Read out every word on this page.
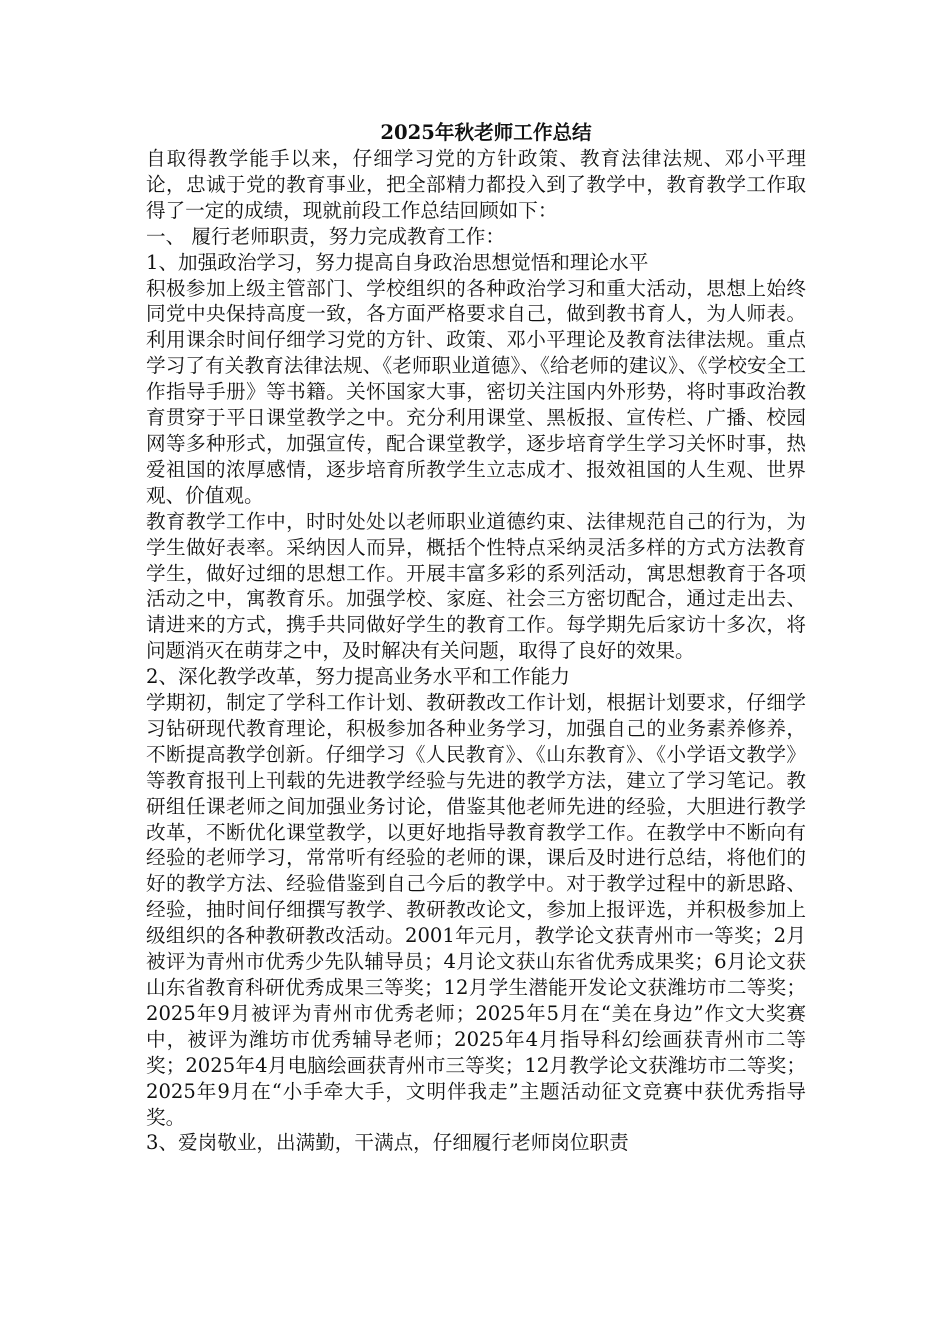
2025年秋老师工作总结

自取得教学能手以来，仔细学习党的方针政策、教育法律法规、邓小平理论，忠诚于党的教育事业，把全部精力都投入到了教学中，教育教学工作取得了一定的成绩，现就前段工作总结回顾如下：

一、 履行老师职责，努力完成教育工作：

1、加强政治学习，努力提高自身政治思想觉悟和理论水平

积极参加上级主管部门、学校组织的各种政治学习和重大活动，思想上始终同党中央保持高度一致，各方面严格要求自己，做到教书育人，为人师表。利用课余时间仔细学习党的方针、政策、邓小平理论及教育法律法规。重点学习了有关教育法律法规、《老师职业道德》、《给老师的建议》、《学校安全工作指导手册》等书籍。关怀国家大事，密切关注国内外形势，将时事政治教育贯穿于平日课堂教学之中。充分利用课堂、黑板报、宣传栏、广播、校园网等多种形式，加强宣传，配合课堂教学，逐步培育学生学习关怀时事，热爱祖国的浓厚感情，逐步培育所教学生立志成才、报效祖国的人生观、世界观、价值观。

教育教学工作中，时时处处以老师职业道德约束、法律规范自己的行为，为学生做好表率。采纳因人而异，概括个性特点采纳灵活多样的方式方法教育学生，做好过细的思想工作。开展丰富多彩的系列活动，寓思想教育于各项活动之中，寓教育乐。加强学校、家庭、社会三方密切配合，通过走出去、请进来的方式，携手共同做好学生的教育工作。每学期先后家访十多次，将问题消灭在萌芽之中，及时解决有关问题，取得了良好的效果。

2、深化教学改革，努力提高业务水平和工作能力

学期初，制定了学科工作计划、教研教改工作计划，根据计划要求，仔细学习钻研现代教育理论，积极参加各种业务学习，加强自己的业务素养修养，不断提高教学创新。仔细学习《人民教育》、《山东教育》、《小学语文教学》等教育报刊上刊载的先进教学经验与先进的教学方法，建立了学习笔记。教研组任课老师之间加强业务讨论，借鉴其他老师先进的经验，大胆进行教学改革，不断优化课堂教学，以更好地指导教育教学工作。在教学中不断向有经验的老师学习，常常听有经验的老师的课，课后及时进行总结，将他们的好的教学方法、经验借鉴到自己今后的教学中。对于教学过程中的新思路、经验，抽时间仔细撰写教学、教研教改论文，参加上报评选，并积极参加上级组织的各种教研教改活动。2001年元月，教学论文获青州市一等奖；2月被评为青州市优秀少先队辅导员；4月论文获山东省优秀成果奖；6月论文获山东省教育科研优秀成果三等奖；12月学生潜能开发论文获潍坊市二等奖；2025年9月被评为青州市优秀老师；2025年5月在“美在身边”作文大奖赛中，被评为潍坊市优秀辅导老师；2025年4月指导科幻绘画获青州市二等奖；2025年4月电脑绘画获青州市三等奖；12月教学论文获潍坊市二等奖；2025年9月在“小手牵大手，文明伴我走”主题活动征文竞赛中获优秀指导奖。

3、爱岗敬业，出满勤，干满点，仔细履行老师岗位职责
